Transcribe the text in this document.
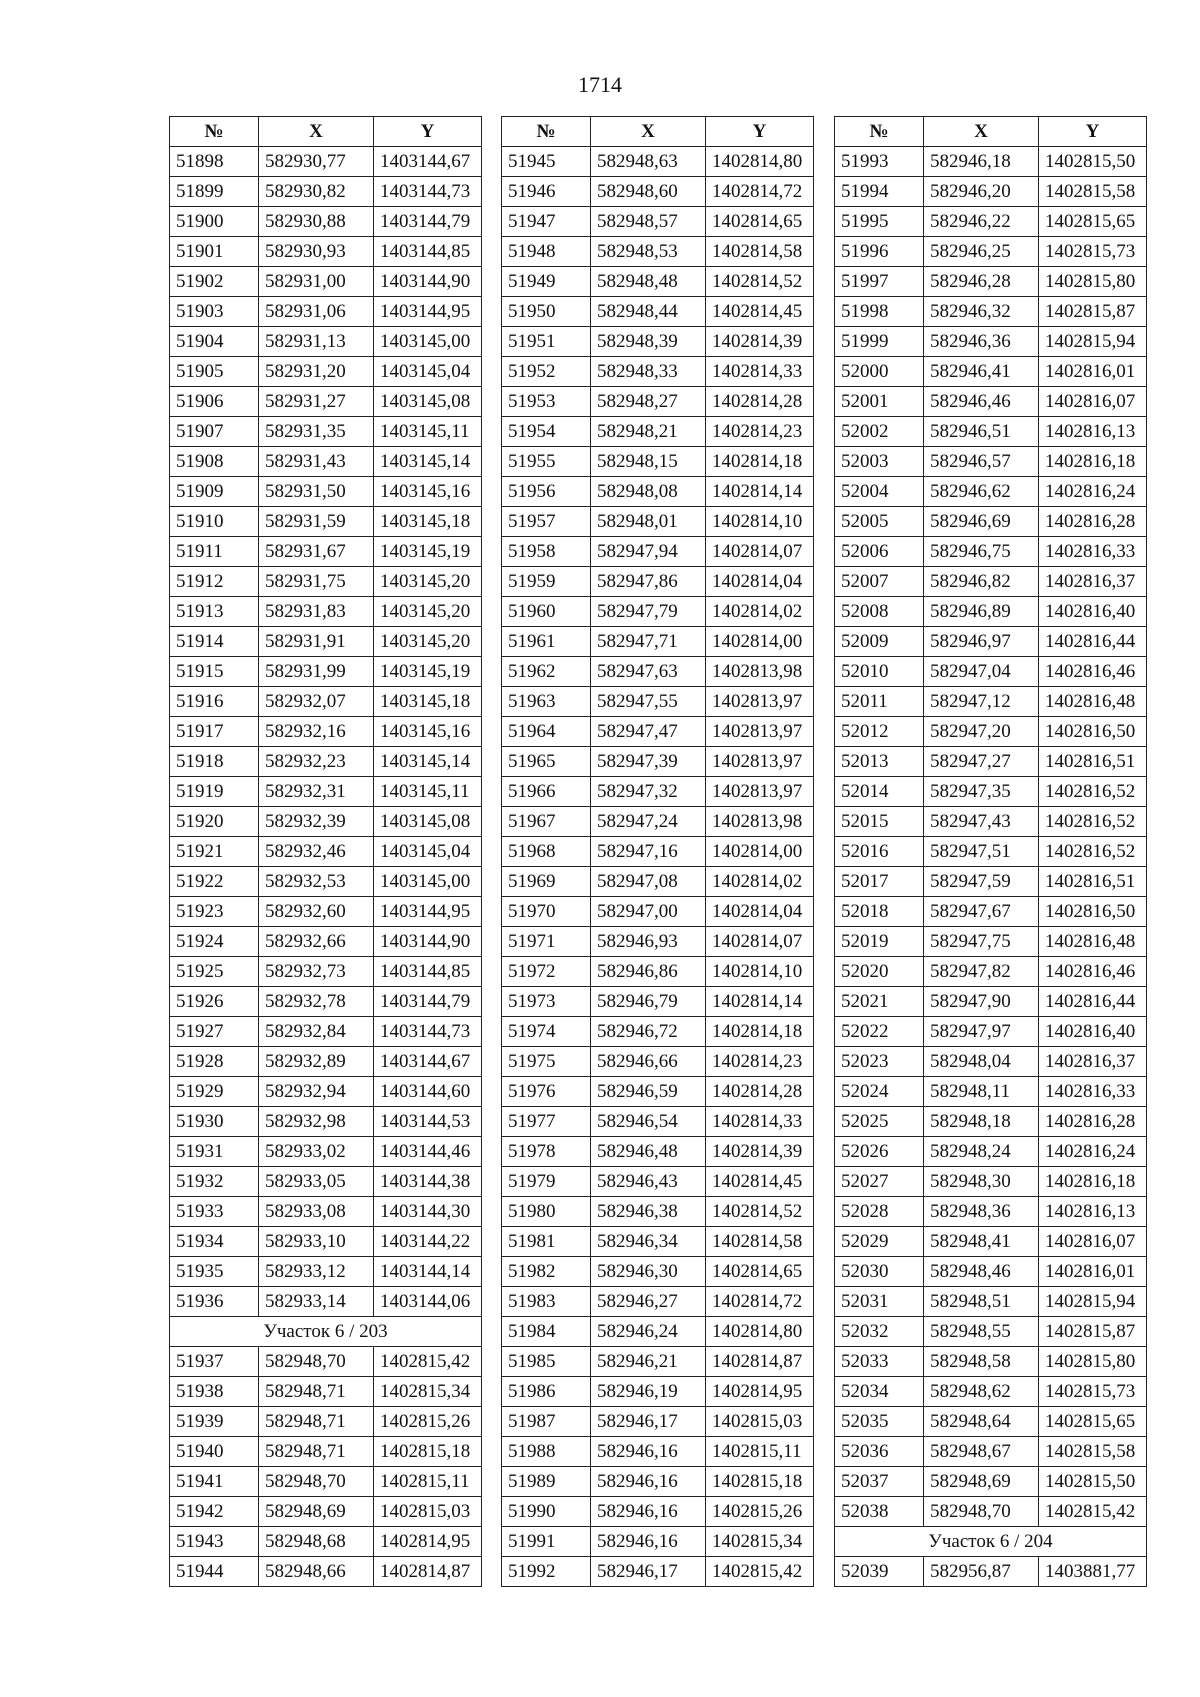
1714
№	X	Y
51898	582930,77	1403144,67
51899	582930,82	1403144,73
51900	582930,88	1403144,79
51901	582930,93	1403144,85
51902	582931,00	1403144,90
51903	582931,06	1403144,95
51904	582931,13	1403145,00
51905	582931,20	1403145,04
51906	582931,27	1403145,08
51907	582931,35	1403145,11
51908	582931,43	1403145,14
51909	582931,50	1403145,16
51910	582931,59	1403145,18
51911	582931,67	1403145,19
51912	582931,75	1403145,20
51913	582931,83	1403145,20
51914	582931,91	1403145,20
51915	582931,99	1403145,19
51916	582932,07	1403145,18
51917	582932,16	1403145,16
51918	582932,23	1403145,14
51919	582932,31	1403145,11
51920	582932,39	1403145,08
51921	582932,46	1403145,04
51922	582932,53	1403145,00
51923	582932,60	1403144,95
51924	582932,66	1403144,90
51925	582932,73	1403144,85
51926	582932,78	1403144,79
51927	582932,84	1403144,73
51928	582932,89	1403144,67
51929	582932,94	1403144,60
51930	582932,98	1403144,53
51931	582933,02	1403144,46
51932	582933,05	1403144,38
51933	582933,08	1403144,30
51934	582933,10	1403144,22
51935	582933,12	1403144,14
51936	582933,14	1403144,06
Участок 6 / 203		
51937	582948,70	1402815,42
51938	582948,71	1402815,34
51939	582948,71	1402815,26
51940	582948,71	1402815,18
51941	582948,70	1402815,11
51942	582948,69	1402815,03
51943	582948,68	1402814,95
51944	582948,66	1402814,87
№	X	Y
51945	582948,63	1402814,80
51946	582948,60	1402814,72
51947	582948,57	1402814,65
51948	582948,53	1402814,58
51949	582948,48	1402814,52
51950	582948,44	1402814,45
51951	582948,39	1402814,39
51952	582948,33	1402814,33
51953	582948,27	1402814,28
51954	582948,21	1402814,23
51955	582948,15	1402814,18
51956	582948,08	1402814,14
51957	582948,01	1402814,10
51958	582947,94	1402814,07
51959	582947,86	1402814,04
51960	582947,79	1402814,02
51961	582947,71	1402814,00
51962	582947,63	1402813,98
51963	582947,55	1402813,97
51964	582947,47	1402813,97
51965	582947,39	1402813,97
51966	582947,32	1402813,97
51967	582947,24	1402813,98
51968	582947,16	1402814,00
51969	582947,08	1402814,02
51970	582947,00	1402814,04
51971	582946,93	1402814,07
51972	582946,86	1402814,10
51973	582946,79	1402814,14
51974	582946,72	1402814,18
51975	582946,66	1402814,23
51976	582946,59	1402814,28
51977	582946,54	1402814,33
51978	582946,48	1402814,39
51979	582946,43	1402814,45
51980	582946,38	1402814,52
51981	582946,34	1402814,58
51982	582946,30	1402814,65
51983	582946,27	1402814,72
51984	582946,24	1402814,80
51985	582946,21	1402814,87
51986	582946,19	1402814,95
51987	582946,17	1402815,03
51988	582946,16	1402815,11
51989	582946,16	1402815,18
51990	582946,16	1402815,26
51991	582946,16	1402815,34
51992	582946,17	1402815,42
№	X	Y
51993	582946,18	1402815,50
51994	582946,20	1402815,58
51995	582946,22	1402815,65
51996	582946,25	1402815,73
51997	582946,28	1402815,80
51998	582946,32	1402815,87
51999	582946,36	1402815,94
52000	582946,41	1402816,01
52001	582946,46	1402816,07
52002	582946,51	1402816,13
52003	582946,57	1402816,18
52004	582946,62	1402816,24
52005	582946,69	1402816,28
52006	582946,75	1402816,33
52007	582946,82	1402816,37
52008	582946,89	1402816,40
52009	582946,97	1402816,44
52010	582947,04	1402816,46
52011	582947,12	1402816,48
52012	582947,20	1402816,50
52013	582947,27	1402816,51
52014	582947,35	1402816,52
52015	582947,43	1402816,52
52016	582947,51	1402816,52
52017	582947,59	1402816,51
52018	582947,67	1402816,50
52019	582947,75	1402816,48
52020	582947,82	1402816,46
52021	582947,90	1402816,44
52022	582947,97	1402816,40
52023	582948,04	1402816,37
52024	582948,11	1402816,33
52025	582948,18	1402816,28
52026	582948,24	1402816,24
52027	582948,30	1402816,18
52028	582948,36	1402816,13
52029	582948,41	1402816,07
52030	582948,46	1402816,01
52031	582948,51	1402815,94
52032	582948,55	1402815,87
52033	582948,58	1402815,80
52034	582948,62	1402815,73
52035	582948,64	1402815,65
52036	582948,67	1402815,58
52037	582948,69	1402815,50
52038	582948,70	1402815,42
Участок 6 / 204		
52039	582956,87	1403881,77
